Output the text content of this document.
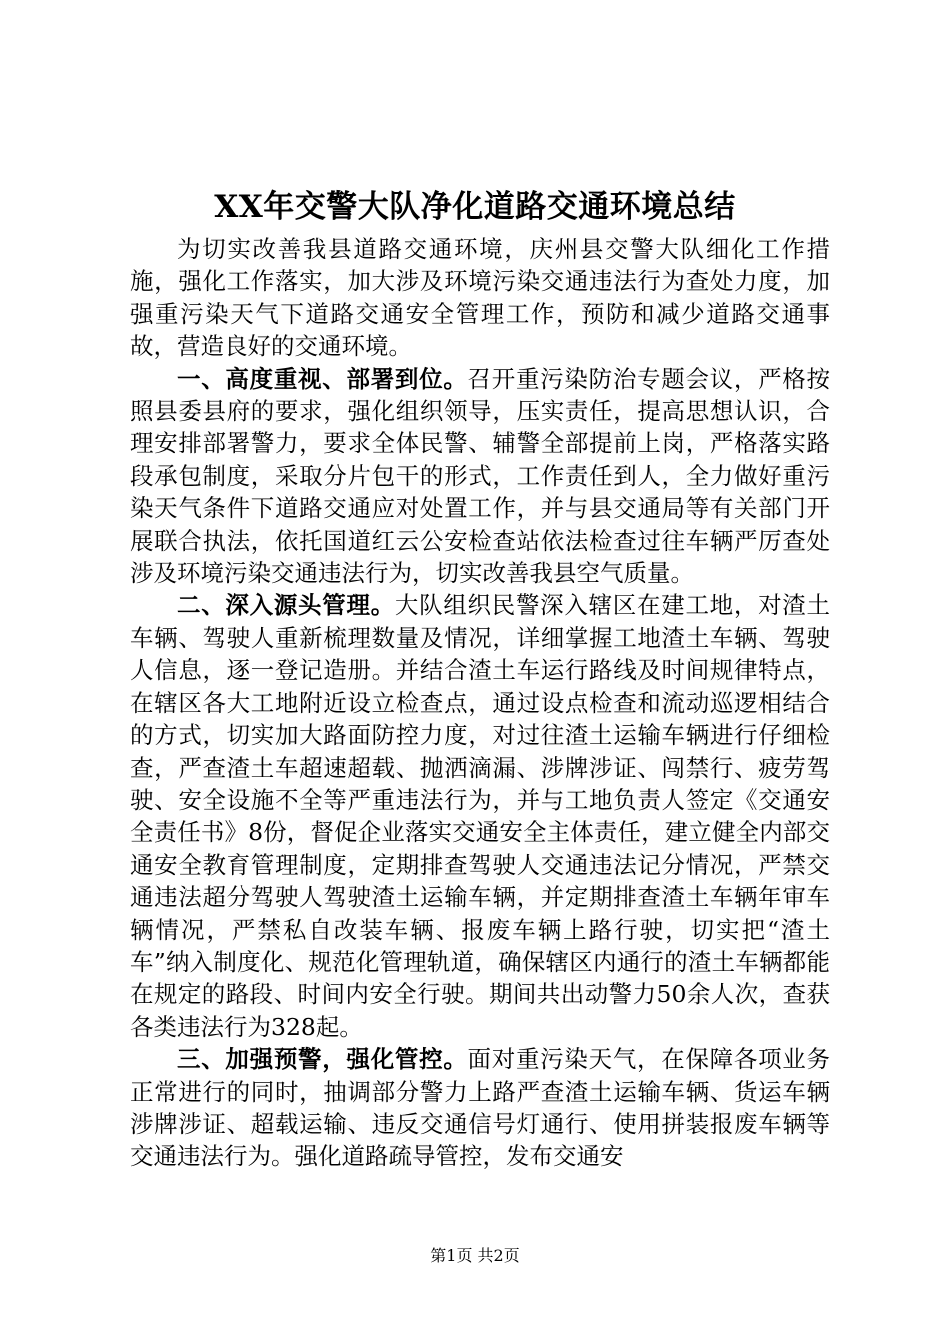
XX年交警大队净化道路交通环境总结

为切实改善我县道路交通环境，庆州县交警大队细化工作措施，强化工作落实，加大涉及环境污染交通违法行为查处力度，加强重污染天气下道路交通安全管理工作，预防和减少道路交通事故，营造良好的交通环境。

一、高度重视、部署到位。召开重污染防治专题会议，严格按照县委县府的要求，强化组织领导，压实责任，提高思想认识，合理安排部署警力，要求全体民警、辅警全部提前上岗，严格落实路段承包制度，采取分片包干的形式，工作责任到人，全力做好重污染天气条件下道路交通应对处置工作，并与县交通局等有关部门开展联合执法，依托国道红云公安检查站依法检查过往车辆严厉查处涉及环境污染交通违法行为，切实改善我县空气质量。

二、深入源头管理。大队组织民警深入辖区在建工地，对渣土车辆、驾驶人重新梳理数量及情况，详细掌握工地渣土车辆、驾驶人信息，逐一登记造册。并结合渣土车运行路线及时间规律特点，在辖区各大工地附近设立检查点，通过设点检查和流动巡逻相结合的方式，切实加大路面防控力度，对过往渣土运输车辆进行仔细检查，严查渣土车超速超载、抛洒滴漏、涉牌涉证、闯禁行、疲劳驾驶、安全设施不全等严重违法行为，并与工地负责人签定《交通安全责任书》8份，督促企业落实交通安全主体责任，建立健全内部交通安全教育管理制度，定期排查驾驶人交通违法记分情况，严禁交通违法超分驾驶人驾驶渣土运输车辆，并定期排查渣土车辆年审车辆情况，严禁私自改装车辆、报废车辆上路行驶，切实把“渣土车”纳入制度化、规范化管理轨道，确保辖区内通行的渣土车辆都能在规定的路段、时间内安全行驶。期间共出动警力50余人次，查获各类违法行为328起。

三、加强预警，强化管控。面对重污染天气，在保障各项业务正常进行的同时，抽调部分警力上路严查渣土运输车辆、货运车辆涉牌涉证、超载运输、违反交通信号灯通行、使用拼装报废车辆等交通违法行为。强化道路疏导管控，发布交通安

第1页 共2页
